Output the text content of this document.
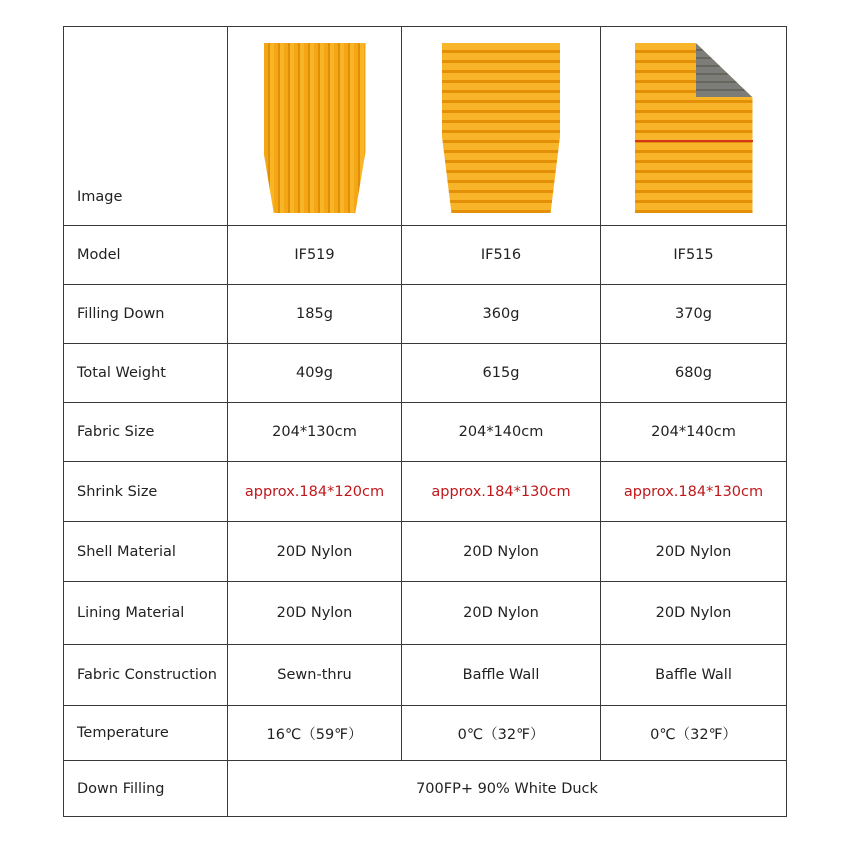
Image	

Model	IF519	IF516	IF515
Filling Down	185g	360g	370g
Total Weight	409g	615g	680g
Fabric Size	204*130cm	204*140cm	204*140cm
Shrink Size	approx.184*120cm	approx.184*130cm	approx.184*130cm
Shell Material	20D Nylon	20D Nylon	20D Nylon
Lining Material	20D Nylon	20D Nylon	20D Nylon
Fabric Construction	Sewn-thru	Baffle Wall	Baffle Wall
Temperature	16℃（59℉）	0℃（32℉）	0℃（32℉）
Down Filling	700FP+ 90% White Duck		
